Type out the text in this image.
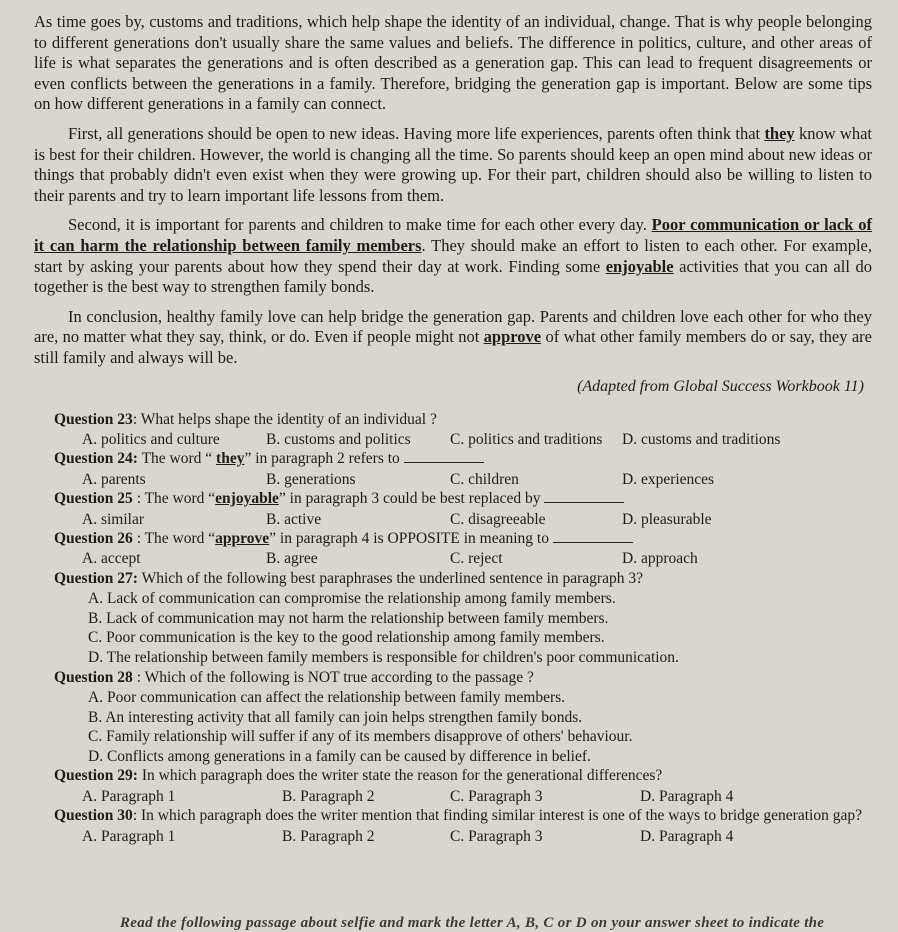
As time goes by, customs and traditions, which help shape the identity of an individual, change. That is why people belonging to different generations don't usually share the same values and beliefs. The difference in politics, culture, and other areas of life is what separates the generations and is often described as a generation gap. This can lead to frequent disagreements or even conflicts between the generations in a family. Therefore, bridging the generation gap is important. Below are some tips on how different generations in a family can connect.

First, all generations should be open to new ideas. Having more life experiences, parents often think that they know what is best for their children. However, the world is changing all the time. So parents should keep an open mind about new ideas or things that probably didn't even exist when they were growing up. For their part, children should also be willing to listen to their parents and try to learn important life lessons from them.

Second, it is important for parents and children to make time for each other every day. Poor communication or lack of it can harm the relationship between family members. They should make an effort to listen to each other. For example, start by asking your parents about how they spend their day at work. Finding some enjoyable activities that you can all do together is the best way to strengthen family bonds.

In conclusion, healthy family love can help bridge the generation gap. Parents and children love each other for who they are, no matter what they say, think, or do. Even if people might not approve of what other family members do or say, they are still family and always will be.

(Adapted from Global Success Workbook 11)
Question 23: What helps shape the identity of an individual ?
A. politics and culture	B. customs and politics	C. politics and traditions	D. customs and traditions
Question 24: The word “ they” in paragraph 2 refers to
A. parents	B. generations	C. children	D. experiences
Question 25 : The word “enjoyable” in paragraph 3 could be best replaced by
A. similar	B. active	C. disagreeable	D. pleasurable
Question 26 : The word “approve” in paragraph 4 is OPPOSITE in meaning to
A. accept	B. agree	C. reject	D. approach
Question 27: Which of the following best paraphrases the underlined sentence in paragraph 3?
A. Lack of communication can compromise the relationship among family members.
B. Lack of communication may not harm the relationship between family members.
C. Poor communication is the key to the good relationship among family members.
D. The relationship between family members is responsible for children's poor communication.
Question 28 : Which of the following is NOT true according to the passage ?
A. Poor communication can affect the relationship between family members.
B. An interesting activity that all family can join helps strengthen family bonds.
C. Family relationship will suffer if any of its members disapprove of others' behaviour.
D. Conflicts among generations in a family can be caused by difference in belief.
Question 29: In which paragraph does the writer state the reason for the generational differences?
A. Paragraph 1	B. Paragraph 2	C. Paragraph 3	D. Paragraph 4
Question 30: In which paragraph does the writer mention that finding similar interest is one of the ways to bridge generation gap?
A. Paragraph 1	B. Paragraph 2	C. Paragraph 3	D. Paragraph 4
Read the following passage about selfie and mark the letter A, B, C or D on your answer sheet to indicate the
